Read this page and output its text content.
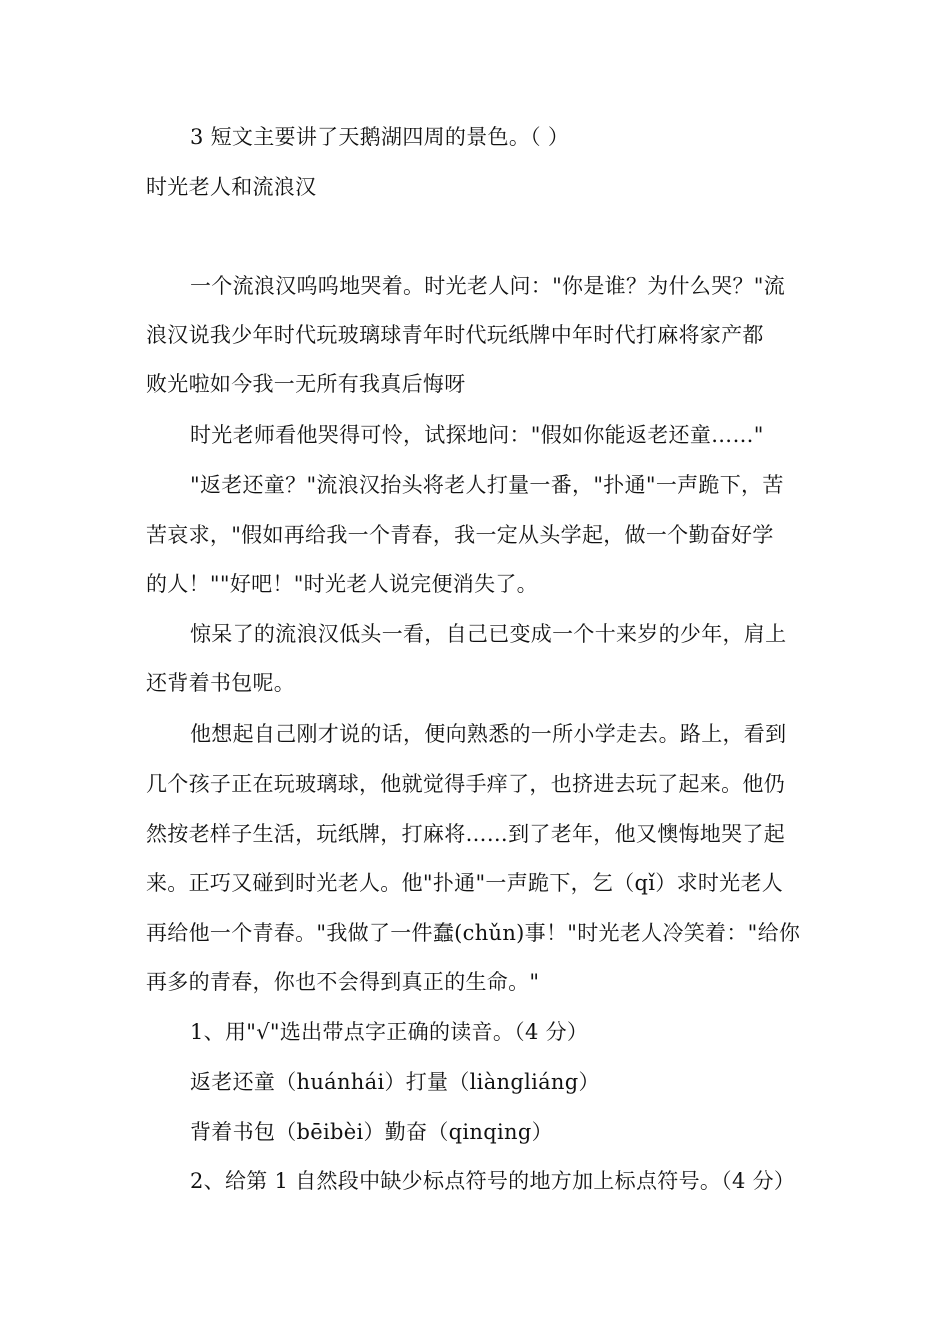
3 短文主要讲了天鹅湖四周的景色。（ ）
时光老人和流浪汉
一个流浪汉呜呜地哭着。时光老人问："你是谁？为什么哭？"流
浪汉说我少年时代玩玻璃球青年时代玩纸牌中年时代打麻将家产都
败光啦如今我一无所有我真后悔呀
时光老师看他哭得可怜，试探地问："假如你能返老还童……"
"返老还童？"流浪汉抬头将老人打量一番，"扑通"一声跪下，苦
苦哀求，"假如再给我一个青春，我一定从头学起，做一个勤奋好学
的人！""好吧！"时光老人说完便消失了。
惊呆了的流浪汉低头一看，自己已变成一个十来岁的少年，肩上
还背着书包呢。
他想起自己刚才说的话，便向熟悉的一所小学走去。路上，看到
几个孩子正在玩玻璃球，他就觉得手痒了，也挤进去玩了起来。他仍
然按老样子生活，玩纸牌，打麻将……到了老年，他又懊悔地哭了起
来。正巧又碰到时光老人。他"扑通"一声跪下，乞（qǐ）求时光老人
再给他一个青春。"我做了一件蠢(chǔn)事！"时光老人冷笑着："给你
再多的青春，你也不会得到真正的生命。"
1、用"√"选出带点字正确的读音。（4 分）
返老还童（huánhái）打量（liàngliáng）
背着书包（bēibèi）勤奋（qinqing）
2、给第 1 自然段中缺少标点符号的地方加上标点符号。（4 分）
